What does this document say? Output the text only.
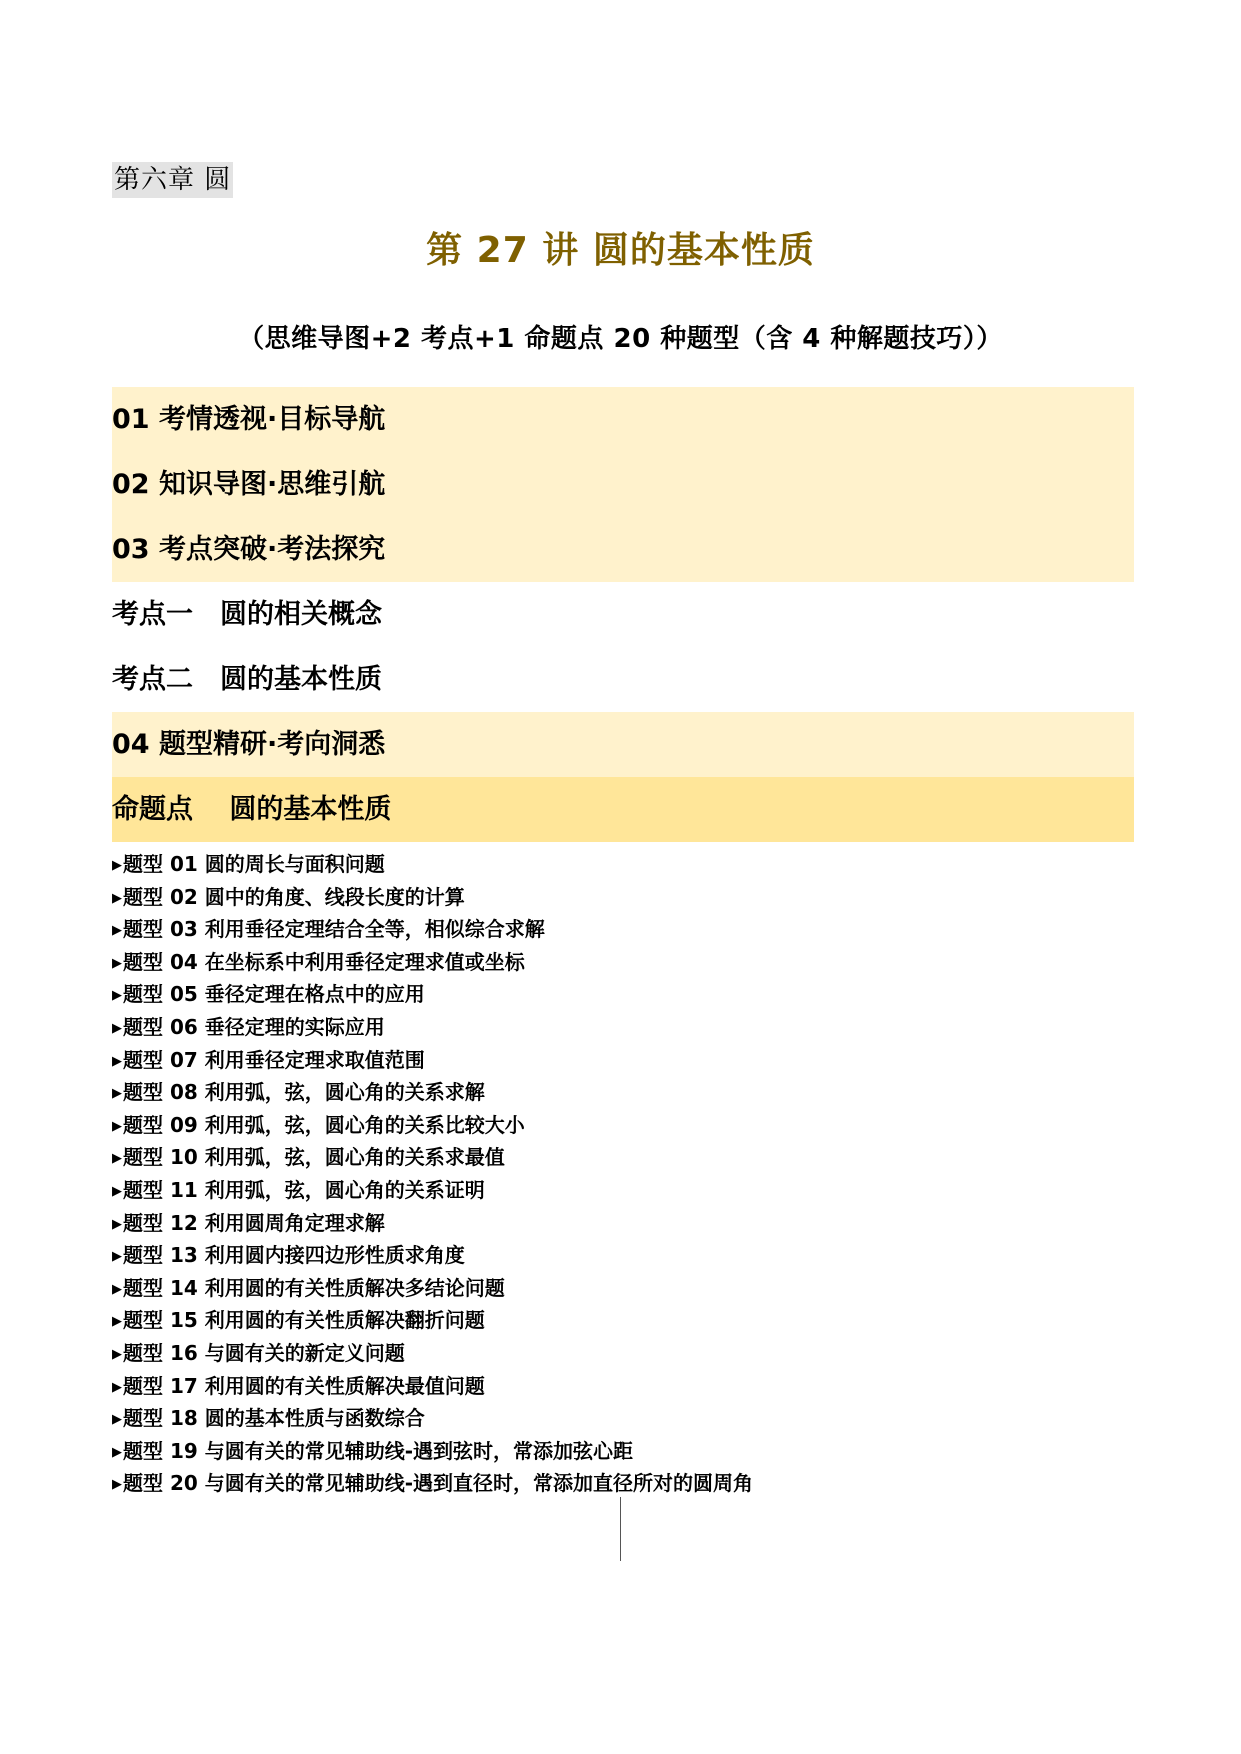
第六章 圆
第 27 讲 圆的基本性质
（思维导图+2 考点+1 命题点 20 种题型（含 4 种解题技巧））
01 考情透视·目标导航
02 知识导图·思维引航
03 考点突破·考法探究
考点一　圆的相关概念
考点二　圆的基本性质
04 题型精研·考向洞悉
命题点　 圆的基本性质
▶题型 01 圆的周长与面积问题
▶题型 02 圆中的角度、线段长度的计算
▶题型 03 利用垂径定理结合全等，相似综合求解
▶题型 04 在坐标系中利用垂径定理求值或坐标
▶题型 05 垂径定理在格点中的应用
▶题型 06 垂径定理的实际应用
▶题型 07 利用垂径定理求取值范围
▶题型 08 利用弧，弦，圆心角的关系求解
▶题型 09 利用弧，弦，圆心角的关系比较大小
▶题型 10 利用弧，弦，圆心角的关系求最值
▶题型 11 利用弧，弦，圆心角的关系证明
▶题型 12 利用圆周角定理求解
▶题型 13 利用圆内接四边形性质求角度
▶题型 14 利用圆的有关性质解决多结论问题
▶题型 15 利用圆的有关性质解决翻折问题
▶题型 16 与圆有关的新定义问题
▶题型 17 利用圆的有关性质解决最值问题
▶题型 18 圆的基本性质与函数综合
▶题型 19 与圆有关的常见辅助线-遇到弦时，常添加弦心距
▶题型 20 与圆有关的常见辅助线-遇到直径时，常添加直径所对的圆周角
